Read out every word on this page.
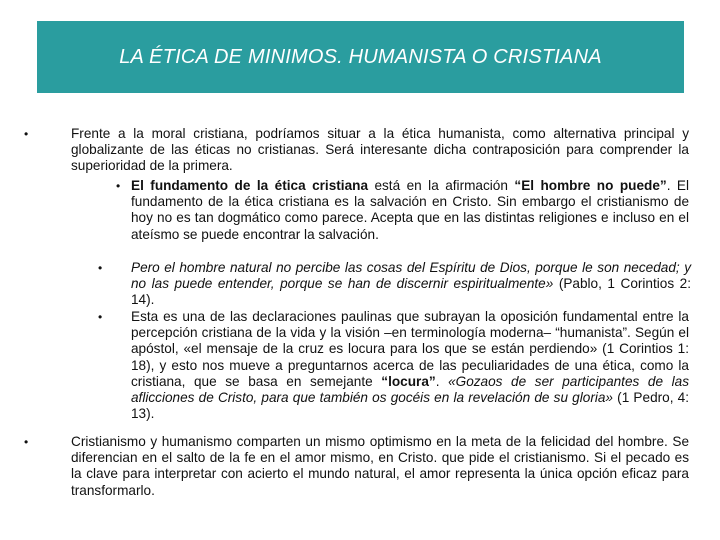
LA ÉTICA DE MINIMOS. HUMANISTA O CRISTIANA
•	Frente a la moral cristiana, podríamos situar a la ética humanista, como alternativa principal y globalizante de las éticas no cristianas. Será interesante dicha contraposición para comprender la superioridad de la primera.
• El fundamento de la ética cristiana está en la afirmación “El hombre no puede”. El fundamento de la ética cristiana es la salvación en Cristo. Sin embargo el cristianismo de hoy no es tan dogmático como parece. Acepta que en las distintas religiones e incluso en el ateísmo se puede encontrar la salvación.
• Pero el hombre natural no percibe las cosas del Espíritu de Dios, porque le son necedad; y no las puede entender, porque se han de discernir espiritualmente» (Pablo, 1 Corintios 2: 14).
• Esta es una de las declaraciones paulinas que subrayan la oposición fundamental entre la percepción cristiana de la vida y la visión –en terminología moderna– “humanista”. Según el apóstol, «el mensaje de la cruz es locura para los que se están perdiendo» (1 Corintios 1: 18), y esto nos mueve a preguntarnos acerca de las peculiaridades de una ética, como la cristiana, que se basa en semejante “locura”. «Gozaos de ser participantes de las aflicciones de Cristo, para que también os gocéis en la revelación de su gloria» (1 Pedro, 4: 13).
•	Cristianismo y humanismo comparten un mismo optimismo en la meta de la felicidad del hombre. Se diferencian en el salto de la fe en el amor mismo, en Cristo. que pide el cristianismo. Si el pecado es la clave para interpretar con acierto el mundo natural, el amor representa la única opción eficaz para transformarlo.
